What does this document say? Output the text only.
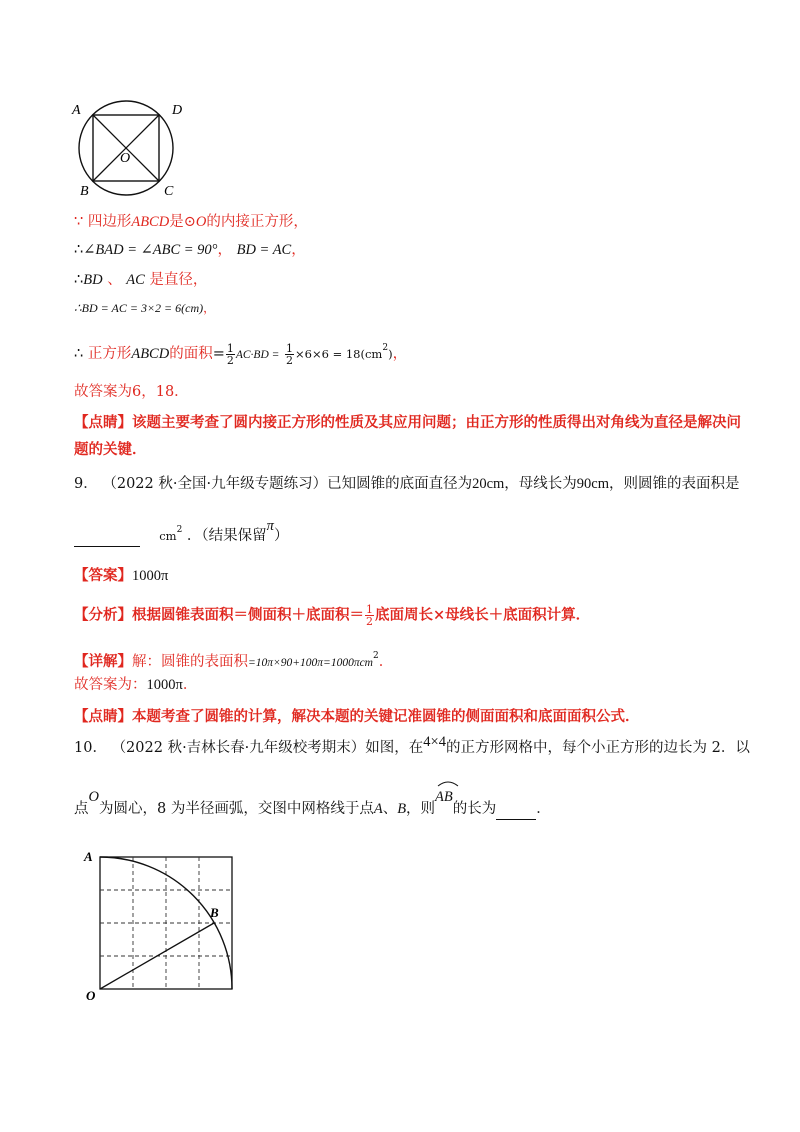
A	D
O
B	C
∵ 四边形ABCD是⊙O的内接正方形，
∴∠BAD = ∠ABC = 90°， BD = AC，
∴BD 、 AC 是直径，
∴BD = AC = 3×2 = 6(cm)，
∴ 正方形ABCD的面积= $\frac{1}{2} AC\cdot BD = \frac{1}{2} \times 6\times 6 = 18(cm^2)$，
故答案为6，18．
【点睛】该题主要考查了圆内接正方形的性质及其应用问题；由正方形的性质得出对角线为直径是解决问
题的关键．
9． （2022 秋·全国·九年级专题练习）已知圆锥的底面直径为20cm，母线长为90cm，则圆锥的表面积是
$cm^2$ ．（结果保留π）
【答案】1000π
【分析】根据圆锥表面积＝侧面积＋底面积＝ $\frac{1}{2}$ 底面周长×母线长＋底面积计算．
【详解】解：圆锥的表面积=10π×90+100π=1000πcm$^2$．
故答案为：1000π．
【点睛】本题考查了圆锥的计算，解决本题的关键记准圆锥的侧面面积和底面面积公式．
10． （2022 秋·吉林长春·九年级校考期末）如图，在4×4的正方形网格中，每个小正方形的边长为 2．以
点O为圆心，8 为半径画弧，交图中网格线于点A、B，则
AB的长为	．
A
B
O
